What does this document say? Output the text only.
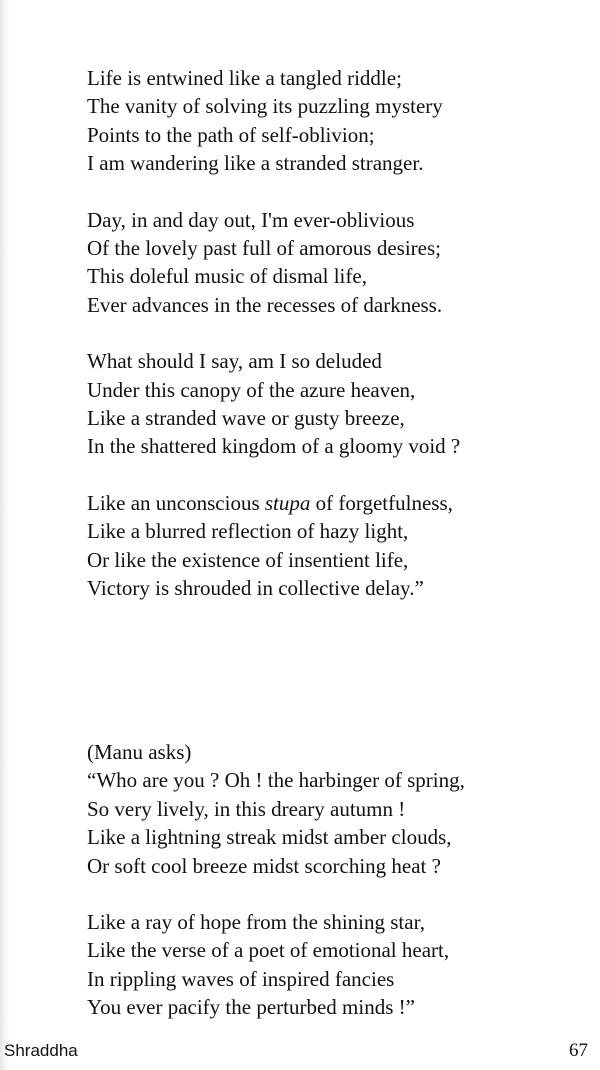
Life is entwined like a tangled riddle;
The vanity of solving its puzzling mystery
Points to the path of self-oblivion;
I am wandering like a stranded stranger.
Day, in and day out, I'm ever-oblivious
Of the lovely past full of amorous desires;
This doleful music of dismal life,
Ever advances in the recesses of darkness.
What should I say, am I so deluded
Under this canopy of the azure heaven,
Like a stranded wave or gusty breeze,
In the shattered kingdom of a gloomy void ?
Like an unconscious stupa of forgetfulness,
Like a blurred reflection of hazy light,
Or like the existence of insentient life,
Victory is shrouded in collective delay.”
(Manu asks)
“Who are you ? Oh ! the harbinger of spring,
So very lively, in this dreary autumn !
Like a lightning streak midst amber clouds,
Or soft cool breeze midst scorching heat ?
Like a ray of hope from the shining star,
Like the verse of a poet of emotional heart,
In rippling waves of inspired fancies
You ever pacify the perturbed minds !”
Shraddha	67
